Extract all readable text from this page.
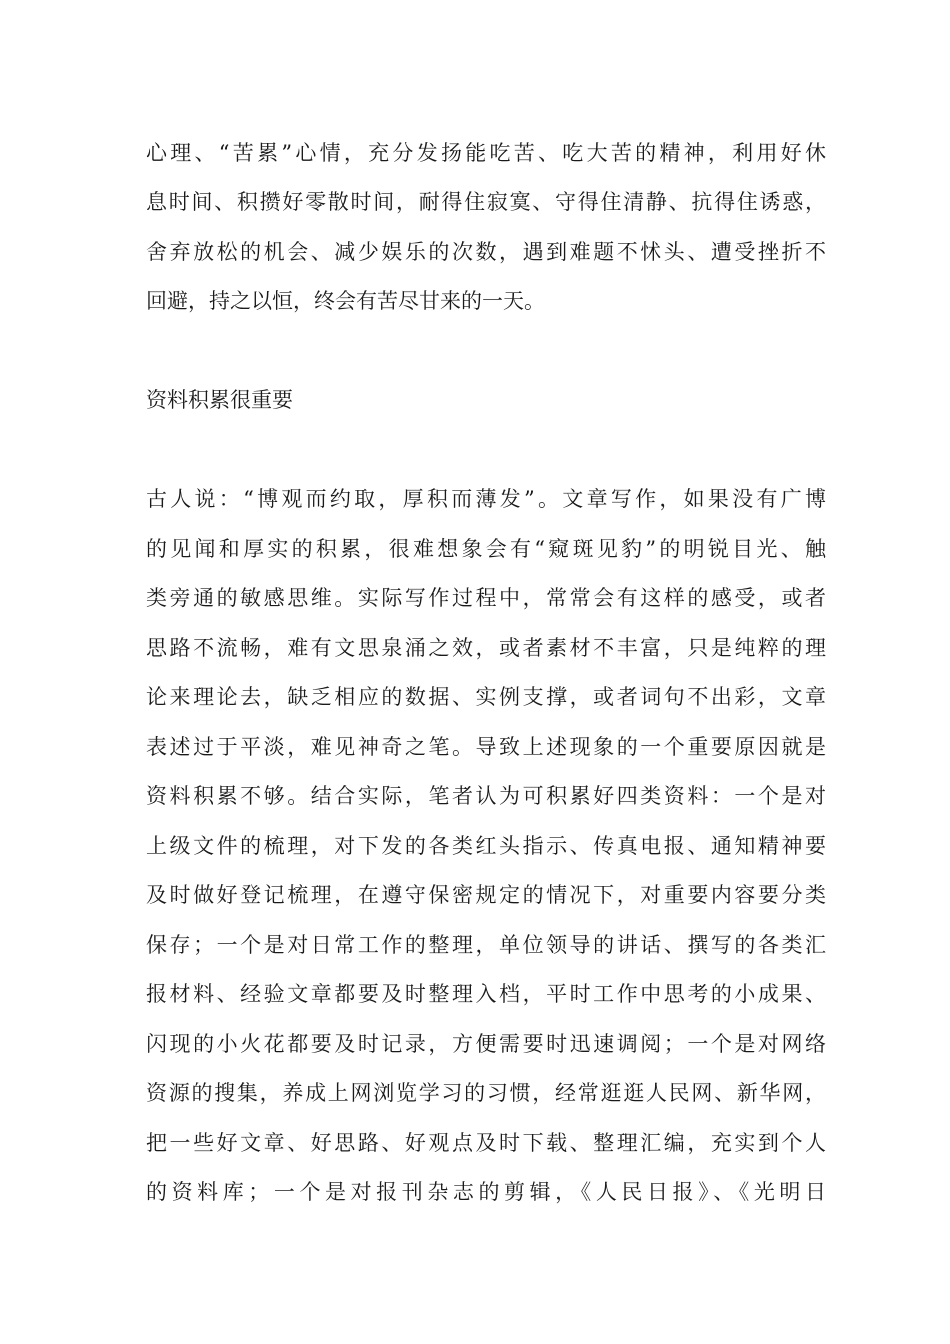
心理、“苦累”心情，充分发扬能吃苦、吃大苦的精神，利用好休
息时间、积攒好零散时间，耐得住寂寞、守得住清静、抗得住诱惑，
舍弃放松的机会、减少娱乐的次数，遇到难题不怵头、遭受挫折不
回避，持之以恒，终会有苦尽甘来的一天。
资料积累很重要
古人说：“博观而约取，厚积而薄发”。文章写作，如果没有广博
的见闻和厚实的积累，很难想象会有“窥斑见豹”的明锐目光、触
类旁通的敏感思维。实际写作过程中，常常会有这样的感受，或者
思路不流畅，难有文思泉涌之效，或者素材不丰富，只是纯粹的理
论来理论去，缺乏相应的数据、实例支撑，或者词句不出彩，文章
表述过于平淡，难见神奇之笔。导致上述现象的一个重要原因就是
资料积累不够。结合实际，笔者认为可积累好四类资料：一个是对
上级文件的梳理，对下发的各类红头指示、传真电报、通知精神要
及时做好登记梳理，在遵守保密规定的情况下，对重要内容要分类
保存；一个是对日常工作的整理，单位领导的讲话、撰写的各类汇
报材料、经验文章都要及时整理入档，平时工作中思考的小成果、
闪现的小火花都要及时记录，方便需要时迅速调阅；一个是对网络
资源的搜集，养成上网浏览学习的习惯，经常逛逛人民网、新华网，
把一些好文章、好思路、好观点及时下载、整理汇编，充实到个人
的资料库；一个是对报刊杂志的剪辑，《人民日报》、《光明日
